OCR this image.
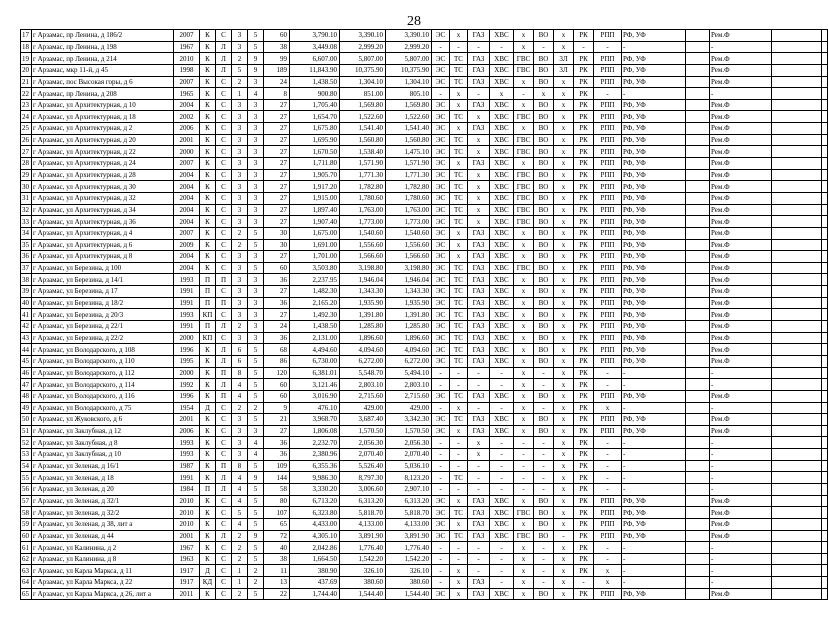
28
17	г Арзамас, пр Ленина, д 186/2	2007	К	С	3	5	60	3,790.10	3,390.10	3,390.10	ЭС	х	ГАЗ	ХВС	х	ВО	х	РК	РПП	РФ, УФ		Рем.Ф					
18	г Арзамас, пр Ленина, д 198	1967	К	Л	3	5	38	3,449.08	2,999.20	2,999.20	-	-	-	-	х	-	х	-	-	-		-					
19	г Арзамас, пр Ленина, д 214	2010	К	Л	2	9	99	6,607.00	5,807.00	5,807.00	ЭС	ТС	ГАЗ	ХВС	ГВС	ВО	3Л	РК	РПП	РФ, УФ		Рем.Ф					
20	г Арзамас, мкр 11-й, д 45	1998	К	Л	5	9	189	11,843.90	10,375.90	10,375.90	ЭС	ТС	ГАЗ	ХВС	ГВС	ВО	3Л	РК	РПП	РФ, УФ		Рем.Ф					
21	г Арзамас, пос Высокая горы, д 6	2007	К	С	2	3	24	1,438.50	1,304.10	1,304.10	ЭС	ТС	ГАЗ	ХВС	х	ВО	х	РК	РПП	РФ, УФ		Рем.Ф					
22	г Арзамас, пр Ленина, д 208	1965	К	С	1	4	8	900.80	851.00	805.10	-	х	-	х	-	х	х	РК	-	-		-					
23	г Арзамас, ул Архитектурная, д 10	2004	К	С	3	3	27	1,705.40	1,569.80	1,569.80	ЭС	х	ГАЗ	ХВС	х	ВО	х	РК	РПП	РФ, УФ		Рем.Ф					
24	г Арзамас, ул Архитектурная, д 18	2002	К	С	3	3	27	1,654.70	1,522.60	1,522.60	ЭС	ТС	х	ХВС	ГВС	ВО	х	РК	РПП	РФ, УФ		Рем.Ф					
25	г Арзамас, ул Архитектурная, д 2	2006	К	С	3	3	27	1,675.80	1,541.40	1,541.40	ЭС	х	ГАЗ	ХВС	х	ВО	х	РК	РПП	РФ, УФ		Рем.Ф					
26	г Арзамас, ул Архитектурная, д 20	2001	К	С	3	3	27	1,695.90	1,560.80	1,560.80	ЭС	ТС	х	ХВС	ГВС	ВО	х	РК	РПП	РФ, УФ		Рем.Ф					
27	г Арзамас, ул Архитектурная, д 22	2000	К	С	3	3	27	1,670.50	1,538.40	1,475.10	ЭС	ТС	х	ХВС	ГВС	ВО	х	РК	РПП	РФ, УФ		Рем.Ф					
28	г Арзамас, ул Архитектурная, д 24	2007	К	С	3	3	27	1,711.80	1,571.90	1,571.90	ЭС	х	ГАЗ	ХВС	х	ВО	х	РК	РПП	РФ, УФ		Рем.Ф					
29	г Арзамас, ул Архитектурная, д 28	2004	К	С	3	3	27	1,905.70	1,771.30	1,771.30	ЭС	ТС	х	ХВС	ГВС	ВО	х	РК	РПП	РФ, УФ		Рем.Ф					
30	г Арзамас, ул Архитектурная, д 30	2004	К	С	3	3	27	1,917.20	1,782.80	1,782.80	ЭС	ТС	х	ХВС	ГВС	ВО	х	РК	РПП	РФ, УФ		Рем.Ф					
31	г Арзамас, ул Архитектурная, д 32	2004	К	С	3	3	27	1,915.00	1,780.60	1,780.60	ЭС	ТС	х	ХВС	ГВС	ВО	х	РК	РПП	РФ, УФ		Рем.Ф					
32	г Арзамас, ул Архитектурная, д 34	2004	К	С	3	3	27	1,897.40	1,763.00	1,763.00	ЭС	ТС	х	ХВС	ГВС	ВО	х	РК	РПП	РФ, УФ		Рем.Ф					
33	г Арзамас, ул Архитектурная, д 36	2004	К	С	3	3	27	1,907.40	1,773.00	1,773.00	ЭС	ТС	х	ХВС	ГВС	ВО	х	РК	РПП	РФ, УФ		Рем.Ф					
34	г Арзамас, ул Архитектурная, д 4	2007	К	С	2	5	30	1,675.00	1,540.60	1,540.60	ЭС	х	ГАЗ	ХВС	х	ВО	х	РК	РПП	РФ, УФ		Рем.Ф					
35	г Арзамас, ул Архитектурная, д 6	2009	К	С	2	5	30	1,691.00	1,556.60	1,556.60	ЭС	х	ГАЗ	ХВС	х	ВО	х	РК	РПП	РФ, УФ		Рем.Ф					
36	г Арзамас, ул Архитектурная, д 8	2004	К	С	3	3	27	1,701.00	1,566.60	1,566.60	ЭС	х	ГАЗ	ХВС	х	ВО	х	РК	РПП	РФ, УФ		Рем.Ф					
37	г Арзамас, ул Березина, д 100	2004	К	С	3	5	60	3,503.80	3,198.80	3,198.80	ЭС	ТС	ГАЗ	ХВС	ГВС	ВО	х	РК	РПП	РФ, УФ		Рем.Ф					
38	г Арзамас, ул Березина, д 14/1	1993	П	П	3	3	36	2,237.95	1,946.04	1,946.04	ЭС	ТС	ГАЗ	ХВС	х	ВО	х	РК	РПП	РФ, УФ		Рем.Ф					
39	г Арзамас, ул Березина, д 17	1991	П	С	3	3	27	1,482.30	1,343.30	1,343.30	ЭС	ТС	ГАЗ	ХВС	х	ВО	х	РК	РПП	РФ, УФ		Рем.Ф					
40	г Арзамас, ул Березина, д 18/2	1991	П	П	3	3	36	2,165.20	1,935.90	1,935.90	ЭС	ТС	ГАЗ	ХВС	х	ВО	х	РК	РПП	РФ, УФ		Рем.Ф					
41	г Арзамас, ул Березина, д 20/3	1993	КП	С	3	3	27	1,492.30	1,391.80	1,391.80	ЭС	ТС	ГАЗ	ХВС	х	ВО	х	РК	РПП	РФ, УФ		Рем.Ф					
42	г Арзамас, ул Березина, д 22/1	1991	П	Л	2	3	24	1,438.50	1,285.80	1,285.80	ЭС	ТС	ГАЗ	ХВС	х	ВО	х	РК	РПП	РФ, УФ		Рем.Ф					
43	г Арзамас, ул Березина, д 22/2	2000	КП	С	3	3	36	2,131.00	1,896.60	1,896.60	ЭС	ТС	ГАЗ	ХВС	х	ВО	х	РК	РПП	РФ, УФ		Рем.Ф					
44	г Арзамас, ул Володарского, д 108	1996	К	Л	6	5	68	4,494.60	4,094.60	4,094.60	ЭС	ТС	ГАЗ	ХВС	х	ВО	х	РК	РПП	РФ, УФ		Рем.Ф					
45	г Арзамас, ул Володарского, д 110	1995	К	Л	6	5	86	6,730.00	6,272.00	6,272.00	ЭС	ТС	ГАЗ	ХВС	х	ВО	х	РК	РПП	РФ, УФ		Рем.Ф					
46	г Арзамас, ул Володарского, д 112	2000	К	П	8	5	120	6,381.01	5,548.70	5,494.10	-	-	-	-	х	-	х	РК	-	-		-					
47	г Арзамас, ул Володарского, д 114	1992	К	Л	4	5	60	3,121.46	2,803.10	2,803.10	-	-	-	-	х	-	х	РК	-	-		-					
48	г Арзамас, ул Володарского, д 116	1996	К	П	4	5	60	3,016.90	2,715.60	2,715.60	ЭС	ТС	ГАЗ	ХВС	х	ВО	х	РК	РПП	РФ, УФ		Рем.Ф					
49	г Арзамас, ул Володарского, д 75	1954	Д	С	2	2	9	476.10	429.00	429.00	-	х	-	-	х	-	х	РК	х	-		-					
50	г Арзамас, ул Жуковского, д 6	2001	К	С	3	5	21	3,968.70	3,687.40	3,342.30	ЭС	ТС	ГАЗ	ХВС	х	ВО	х	РК	РПП	РФ, УФ		Рем.Ф					
51	г Арзамас, ул Заклубная, д 12	2006	К	С	3	3	27	1,806.08	1,570.50	1,570.50	ЭС	х	ГАЗ	ХВС	х	ВО	х	РК	РПП	РФ, УФ		Рем.Ф					
52	г Арзамас, ул Заклубная, д 8	1993	К	С	3	4	36	2,232.70	2,056.30	2,056.30	-	-	х	-	-	-	х	РК	-	-		-					
53	г Арзамас, ул Заклубная, д 10	1993	К	С	3	4	36	2,380.96	2,070.40	2,070.40	-	-	х	-	-	-	х	РК	-	-		-					
54	г Арзамас, ул Зеленая, д 16/1	1987	К	П	8	5	109	6,355.36	5,526.40	5,036.10	-	-	-	-	-	-	х	РК	-	-		-					
55	г Арзамас, ул Зеленая, д 18	1991	К	Л	4	9	144	9,986.30	8,797.30	8,123.20	-	ТС	-	-	-	-	х	РК	-	-		-					
56	г Арзамас, ул Зеленая, д 20	1984	П	Л	4	5	58	3,330.20	3,006.60	2,907.10	-	-	-	-	-	-	х	РК	-	-		-					
57	г Арзамас, ул Зеленая, д 32/1	2010	К	С	4	5	80	6,713.20	6,313.20	6,313.20	ЭС	х	ГАЗ	ХВС	х	ВО	х	РК	РПП	РФ, УФ		Рем.Ф					
58	г Арзамас, ул Зеленая, д 32/2	2010	К	С	5	5	107	6,323.80	5,818.70	5,818.70	ЭС	ТС	ГАЗ	ХВС	ГВС	ВО	х	РК	РПП	РФ, УФ		Рем.Ф					
59	г Арзамас, ул Зеленая, д 38, лит а	2010	К	С	4	5	65	4,433.00	4,133.00	4,133.00	ЭС	х	ГАЗ	ХВС	х	ВО	х	РК	РПП	РФ, УФ		Рем.Ф					
60	г Арзамас, ул Зеленая, д 44	2001	К	Л	2	9	72	4,305.10	3,891.90	3,891.90	ЭС	ТС	ГАЗ	ХВС	ГВС	ВО	-	РК	РПП	РФ, УФ		Рем.Ф					
61	г Арзамас, ул Калинина, д 2	1967	К	С	2	5	40	2,042.86	1,776.40	1,776.40	-	-	-	-	х	-	х	РК	-	-		-					
62	г Арзамас, ул Калинина, д 8	1963	К	С	2	5	38	1,664.50	1,542.20	1,542.20	-	-	-	-	х	-	х	РК	-	-		-					
63	г Арзамас, ул Карла Маркса, д 11	1917	Д	С	1	2	11	380.90	326.10	326.10	-	х	-	-	х	-	х	РК	х	-		-					
64	г Арзамас, ул Карла Маркса, д 22	1917	КД	С	1	2	13	437.69	380.60	380.60	-	х	ГАЗ	-	х	-	х	-	х	-		-					
65	г Арзамас, ул Карла Маркса, д 26, лит а	2011	К	С	2	5	22	1,744.40	1,544.40	1,544.40	ЭС	х	ГАЗ	ХВС	х	ВО	х	РК	РПП	РФ, УФ		Рем.Ф					
